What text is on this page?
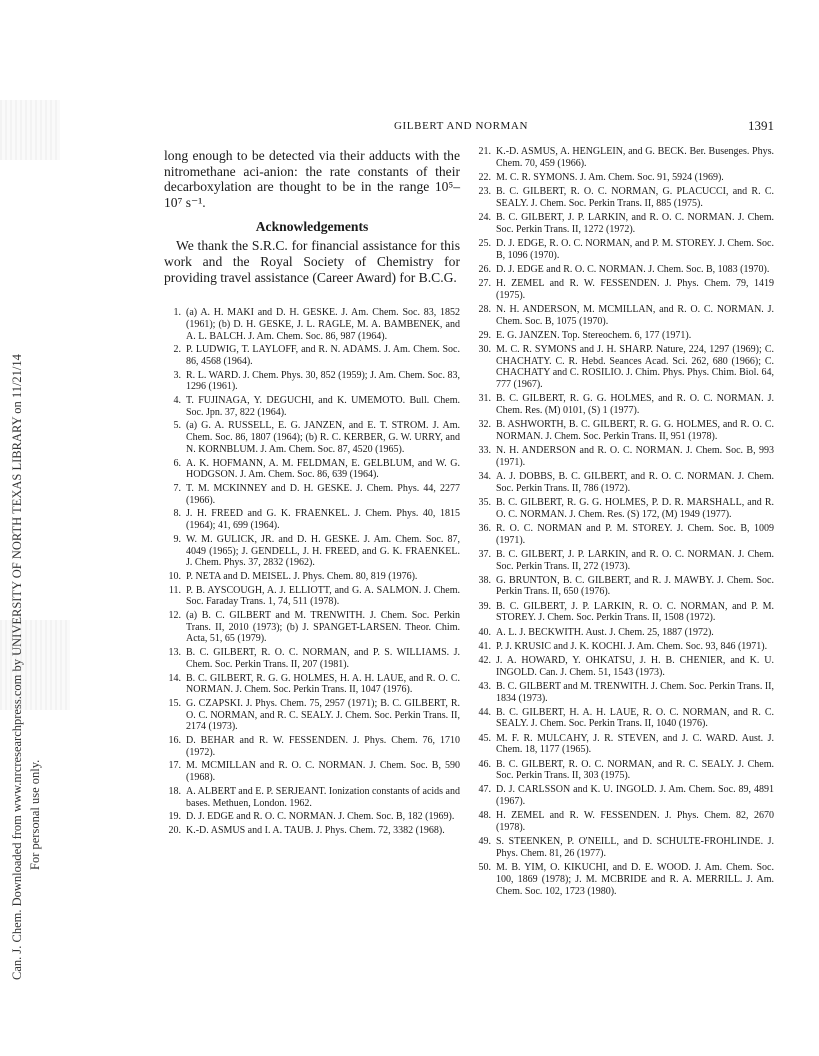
Can. J. Chem. Downloaded from www.nrcresearchpress.com by UNIVERSITY OF NORTH TEXAS LIBRARY on 11/21/14 For personal use only.
GILBERT AND NORMAN	1391

long enough to be detected via their adducts with the nitromethane aci-anion: the rate constants of their decarboxylation are thought to be in the range 10⁵–10⁷ s⁻¹.

Acknowledgements

We thank the S.R.C. for financial assistance for this work and the Royal Society of Chemistry for providing travel assistance (Career Award) for B.C.G.

1. (a) A. H. MAKI and D. H. GESKE. J. Am. Chem. Soc. 83, 1852 (1961); (b) D. H. GESKE, J. L. RAGLE, M. A. BAMBENEK, and A. L. BALCH. J. Am. Chem. Soc. 86, 987 (1964).
2. P. LUDWIG, T. LAYLOFF, and R. N. ADAMS. J. Am. Chem. Soc. 86, 4568 (1964).
3. R. L. WARD. J. Chem. Phys. 30, 852 (1959); J. Am. Chem. Soc. 83, 1296 (1961).
4. T. FUJINAGA, Y. DEGUCHI, and K. UMEMOTO. Bull. Chem. Soc. Jpn. 37, 822 (1964).
5. (a) G. A. RUSSELL, E. G. JANZEN, and E. T. STROM. J. Am. Chem. Soc. 86, 1807 (1964); (b) R. C. KERBER, G. W. URRY, and N. KORNBLUM. J. Am. Chem. Soc. 87, 4520 (1965).
6. A. K. HOFMANN, A. M. FELDMAN, E. GELBLUM, and W. G. HODGSON. J. Am. Chem. Soc. 86, 639 (1964).
7. T. M. MCKINNEY and D. H. GESKE. J. Chem. Phys. 44, 2277 (1966).
8. J. H. FREED and G. K. FRAENKEL. J. Chem. Phys. 40, 1815 (1964); 41, 699 (1964).
9. W. M. GULICK, JR. and D. H. GESKE. J. Am. Chem. Soc. 87, 4049 (1965); J. GENDELL, J. H. FREED, and G. K. FRAENKEL. J. Chem. Phys. 37, 2832 (1962).
10. P. NETA and D. MEISEL. J. Phys. Chem. 80, 819 (1976).
11. P. B. AYSCOUGH, A. J. ELLIOTT, and G. A. SALMON. J. Chem. Soc. Faraday Trans. 1, 74, 511 (1978).
12. (a) B. C. GILBERT and M. TRENWITH. J. Chem. Soc. Perkin Trans. II, 2010 (1973); (b) J. SPANGET-LARSEN. Theor. Chim. Acta, 51, 65 (1979).
13. B. C. GILBERT, R. O. C. NORMAN, and P. S. WILLIAMS. J. Chem. Soc. Perkin Trans. II, 207 (1981).
14. B. C. GILBERT, R. G. G. HOLMES, H. A. H. LAUE, and R. O. C. NORMAN. J. Chem. Soc. Perkin Trans. II, 1047 (1976).
15. G. CZAPSKI. J. Phys. Chem. 75, 2957 (1971); B. C. GILBERT, R. O. C. NORMAN, and R. C. SEALY. J. Chem. Soc. Perkin Trans. II, 2174 (1973).
16. D. BEHAR and R. W. FESSENDEN. J. Phys. Chem. 76, 1710 (1972).
17. M. MCMILLAN and R. O. C. NORMAN. J. Chem. Soc. B, 590 (1968).
18. A. ALBERT and E. P. SERJEANT. Ionization constants of acids and bases. Methuen, London. 1962.
19. D. J. EDGE and R. O. C. NORMAN. J. Chem. Soc. B, 182 (1969).
20. K.-D. ASMUS and I. A. TAUB. J. Phys. Chem. 72, 3382 (1968).
21. K.-D. ASMUS, A. HENGLEIN, and G. BECK. Ber. Busenges. Phys. Chem. 70, 459 (1966).
22. M. C. R. SYMONS. J. Am. Chem. Soc. 91, 5924 (1969).
23. B. C. GILBERT, R. O. C. NORMAN, G. PLACUCCI, and R. C. SEALY. J. Chem. Soc. Perkin Trans. II, 885 (1975).
24. B. C. GILBERT, J. P. LARKIN, and R. O. C. NORMAN. J. Chem. Soc. Perkin Trans. II, 1272 (1972).
25. D. J. EDGE, R. O. C. NORMAN, and P. M. STOREY. J. Chem. Soc. B, 1096 (1970).
26. D. J. EDGE and R. O. C. NORMAN. J. Chem. Soc. B, 1083 (1970).
27. H. ZEMEL and R. W. FESSENDEN. J. Phys. Chem. 79, 1419 (1975).
28. N. H. ANDERSON, M. MCMILLAN, and R. O. C. NORMAN. J. Chem. Soc. B, 1075 (1970).
29. E. G. JANZEN. Top. Stereochem. 6, 177 (1971).
30. M. C. R. SYMONS and J. H. SHARP. Nature, 224, 1297 (1969); C. CHACHATY. C. R. Hebd. Seances Acad. Sci. 262, 680 (1966); C. CHACHATY and C. ROSILIO. J. Chim. Phys. Phys. Chim. Biol. 64, 777 (1967).
31. B. C. GILBERT, R. G. G. HOLMES, and R. O. C. NORMAN. J. Chem. Res. (M) 0101, (S) 1 (1977).
32. B. ASHWORTH, B. C. GILBERT, R. G. G. HOLMES, and R. O. C. NORMAN. J. Chem. Soc. Perkin Trans. II, 951 (1978).
33. N. H. ANDERSON and R. O. C. NORMAN. J. Chem. Soc. B, 993 (1971).
34. A. J. DOBBS, B. C. GILBERT, and R. O. C. NORMAN. J. Chem. Soc. Perkin Trans. II, 786 (1972).
35. B. C. GILBERT, R. G. G. HOLMES, P. D. R. MARSHALL, and R. O. C. NORMAN. J. Chem. Res. (S) 172, (M) 1949 (1977).
36. R. O. C. NORMAN and P. M. STOREY. J. Chem. Soc. B, 1009 (1971).
37. B. C. GILBERT, J. P. LARKIN, and R. O. C. NORMAN. J. Chem. Soc. Perkin Trans. II, 272 (1973).
38. G. BRUNTON, B. C. GILBERT, and R. J. MAWBY. J. Chem. Soc. Perkin Trans. II, 650 (1976).
39. B. C. GILBERT, J. P. LARKIN, R. O. C. NORMAN, and P. M. STOREY. J. Chem. Soc. Perkin Trans. II, 1508 (1972).
40. A. L. J. BECKWITH. Aust. J. Chem. 25, 1887 (1972).
41. P. J. KRUSIC and J. K. KOCHI. J. Am. Chem. Soc. 93, 846 (1971).
42. J. A. HOWARD, Y. OHKATSU, J. H. B. CHENIER, and K. U. INGOLD. Can. J. Chem. 51, 1543 (1973).
43. B. C. GILBERT and M. TRENWITH. J. Chem. Soc. Perkin Trans. II, 1834 (1973).
44. B. C. GILBERT, H. A. H. LAUE, R. O. C. NORMAN, and R. C. SEALY. J. Chem. Soc. Perkin Trans. II, 1040 (1976).
45. M. F. R. MULCAHY, J. R. STEVEN, and J. C. WARD. Aust. J. Chem. 18, 1177 (1965).
46. B. C. GILBERT, R. O. C. NORMAN, and R. C. SEALY. J. Chem. Soc. Perkin Trans. II, 303 (1975).
47. D. J. CARLSSON and K. U. INGOLD. J. Am. Chem. Soc. 89, 4891 (1967).
48. H. ZEMEL and R. W. FESSENDEN. J. Phys. Chem. 82, 2670 (1978).
49. S. STEENKEN, P. O'NEILL, and D. SCHULTE-FROHLINDE. J. Phys. Chem. 81, 26 (1977).
50. M. B. YIM, O. KIKUCHI, and D. E. WOOD. J. Am. Chem. Soc. 100, 1869 (1978); J. M. MCBRIDE and R. A. MERRILL. J. Am. Chem. Soc. 102, 1723 (1980).
